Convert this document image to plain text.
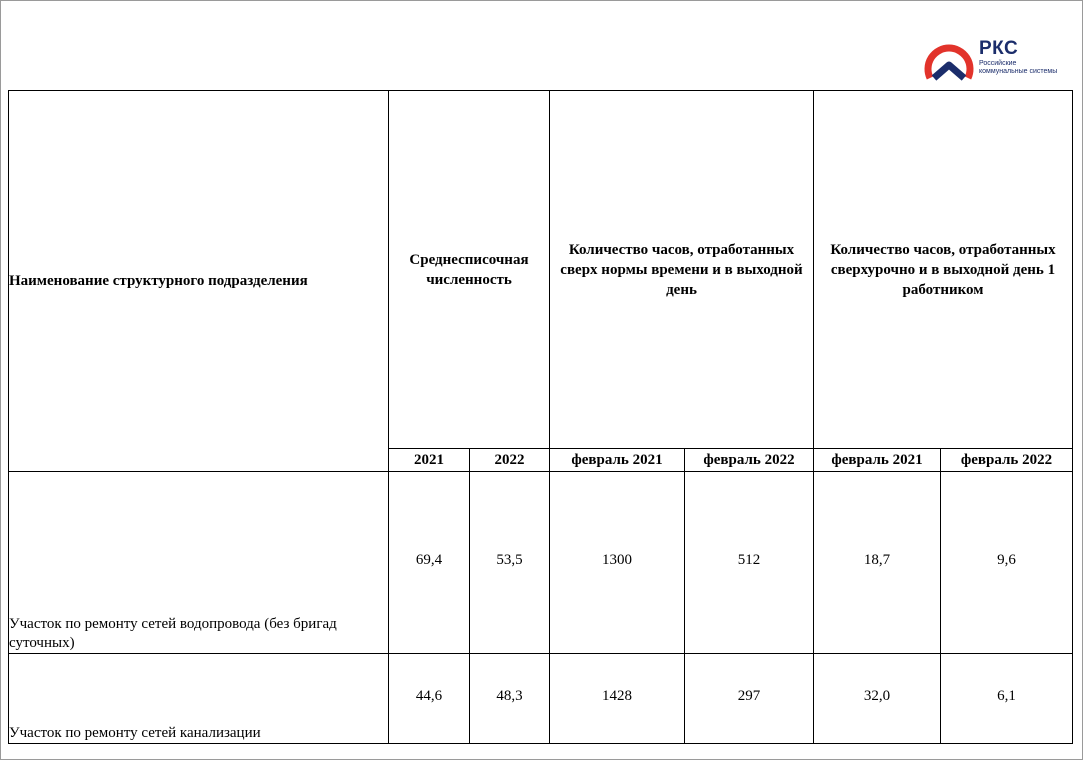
РКС
Российские коммунальные системы
Наименование структурного подразделения	Среднесписочная численность		Количество часов, отработанных сверх нормы времени и в выходной день		Количество часов, отработанных сверхурочно и в выходной день 1 работником	
	2021	2022	февраль 2021	февраль 2022	февраль 2021	февраль 2022
Участок по ремонту сетей водопровода (без бригад суточных)	69,4	53,5	1300	512	18,7	9,6
Участок по ремонту сетей канализации	44,6	48,3	1428	297	32,0	6,1
